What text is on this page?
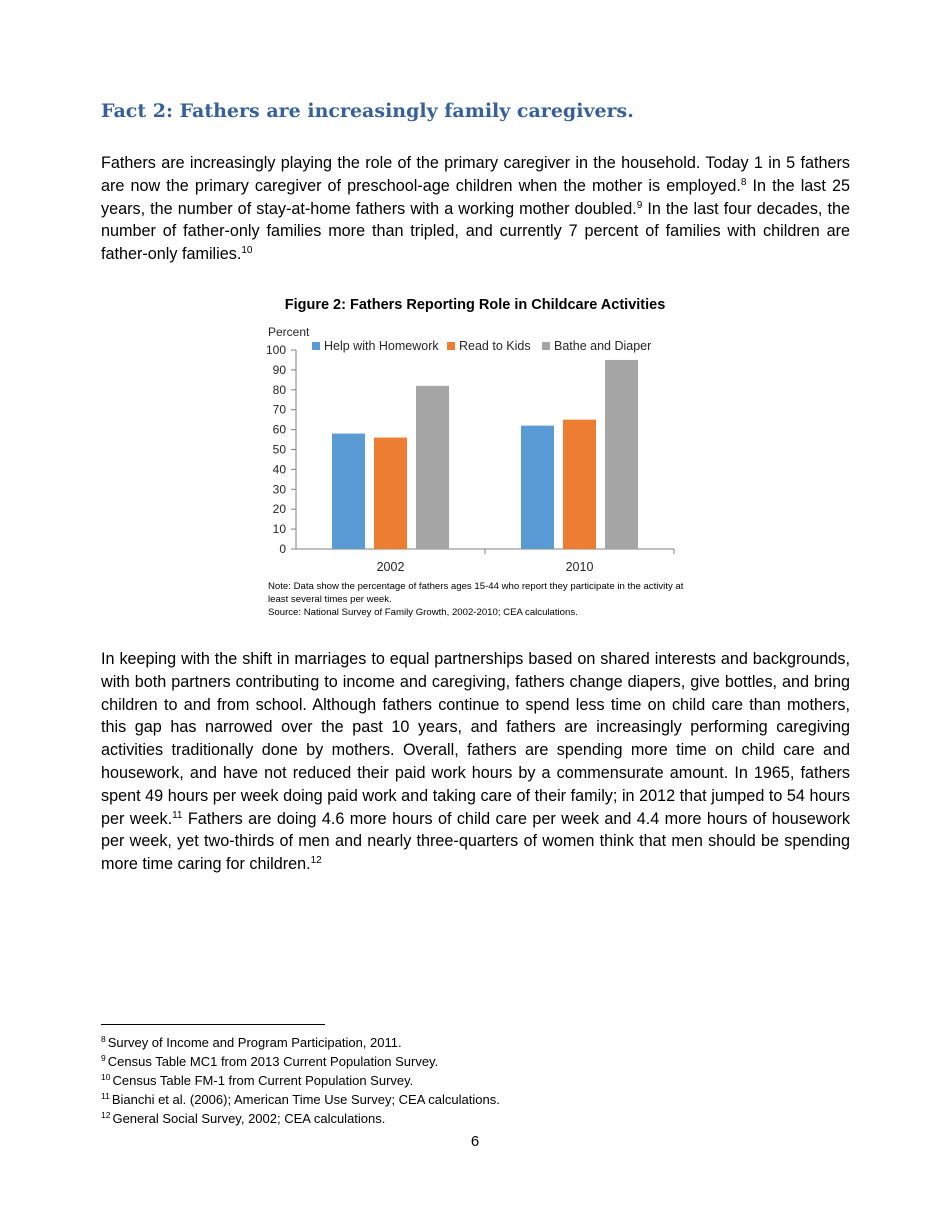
Fact 2: Fathers are increasingly family caregivers.

Fathers are increasingly playing the role of the primary caregiver in the household. Today 1 in 5 fathers are now the primary caregiver of preschool-age children when the mother is employed.$^8$ In the last 25 years, the number of stay-at-home fathers with a working mother doubled.$^9$ In the last four decades, the number of father-only families more than tripled, and currently 7 percent of families with children are father-only families.$^{10}$

Figure 2: Fathers Reporting Role in Childcare Activities
Percent
0
10
20
30
40
50
60
70
80
90
100
2002	2010
Help with Homework Read to Kids Bathe and Diaper
Note: Data show the percentage of fathers ages 15-44 who report they participate in the activity at least several times per week.
Source: National Survey of Family Growth, 2002-2010; CEA calculations.

In keeping with the shift in marriages to equal partnerships based on shared interests and backgrounds, with both partners contributing to income and caregiving, fathers change diapers, give bottles, and bring children to and from school. Although fathers continue to spend less time on child care than mothers, this gap has narrowed over the past 10 years, and fathers are increasingly performing caregiving activities traditionally done by mothers. Overall, fathers are spending more time on child care and housework, and have not reduced their paid work hours by a commensurate amount. In 1965, fathers spent 49 hours per week doing paid work and taking care of their family; in 2012 that jumped to 54 hours per week.$^{11}$ Fathers are doing 4.6 more hours of child care per week and 4.4 more hours of housework per week, yet two-thirds of men and nearly three-quarters of women think that men should be spending more time caring for children.$^{12}$

$^8$ Survey of Income and Program Participation, 2011.

$^9$ Census Table MC1 from 2013 Current Population Survey.

$^{10}$ Census Table FM-1 from Current Population Survey.

$^{11}$ Bianchi et al. (2006); American Time Use Survey; CEA calculations.

$^{12}$ General Social Survey, 2002; CEA calculations.

6
